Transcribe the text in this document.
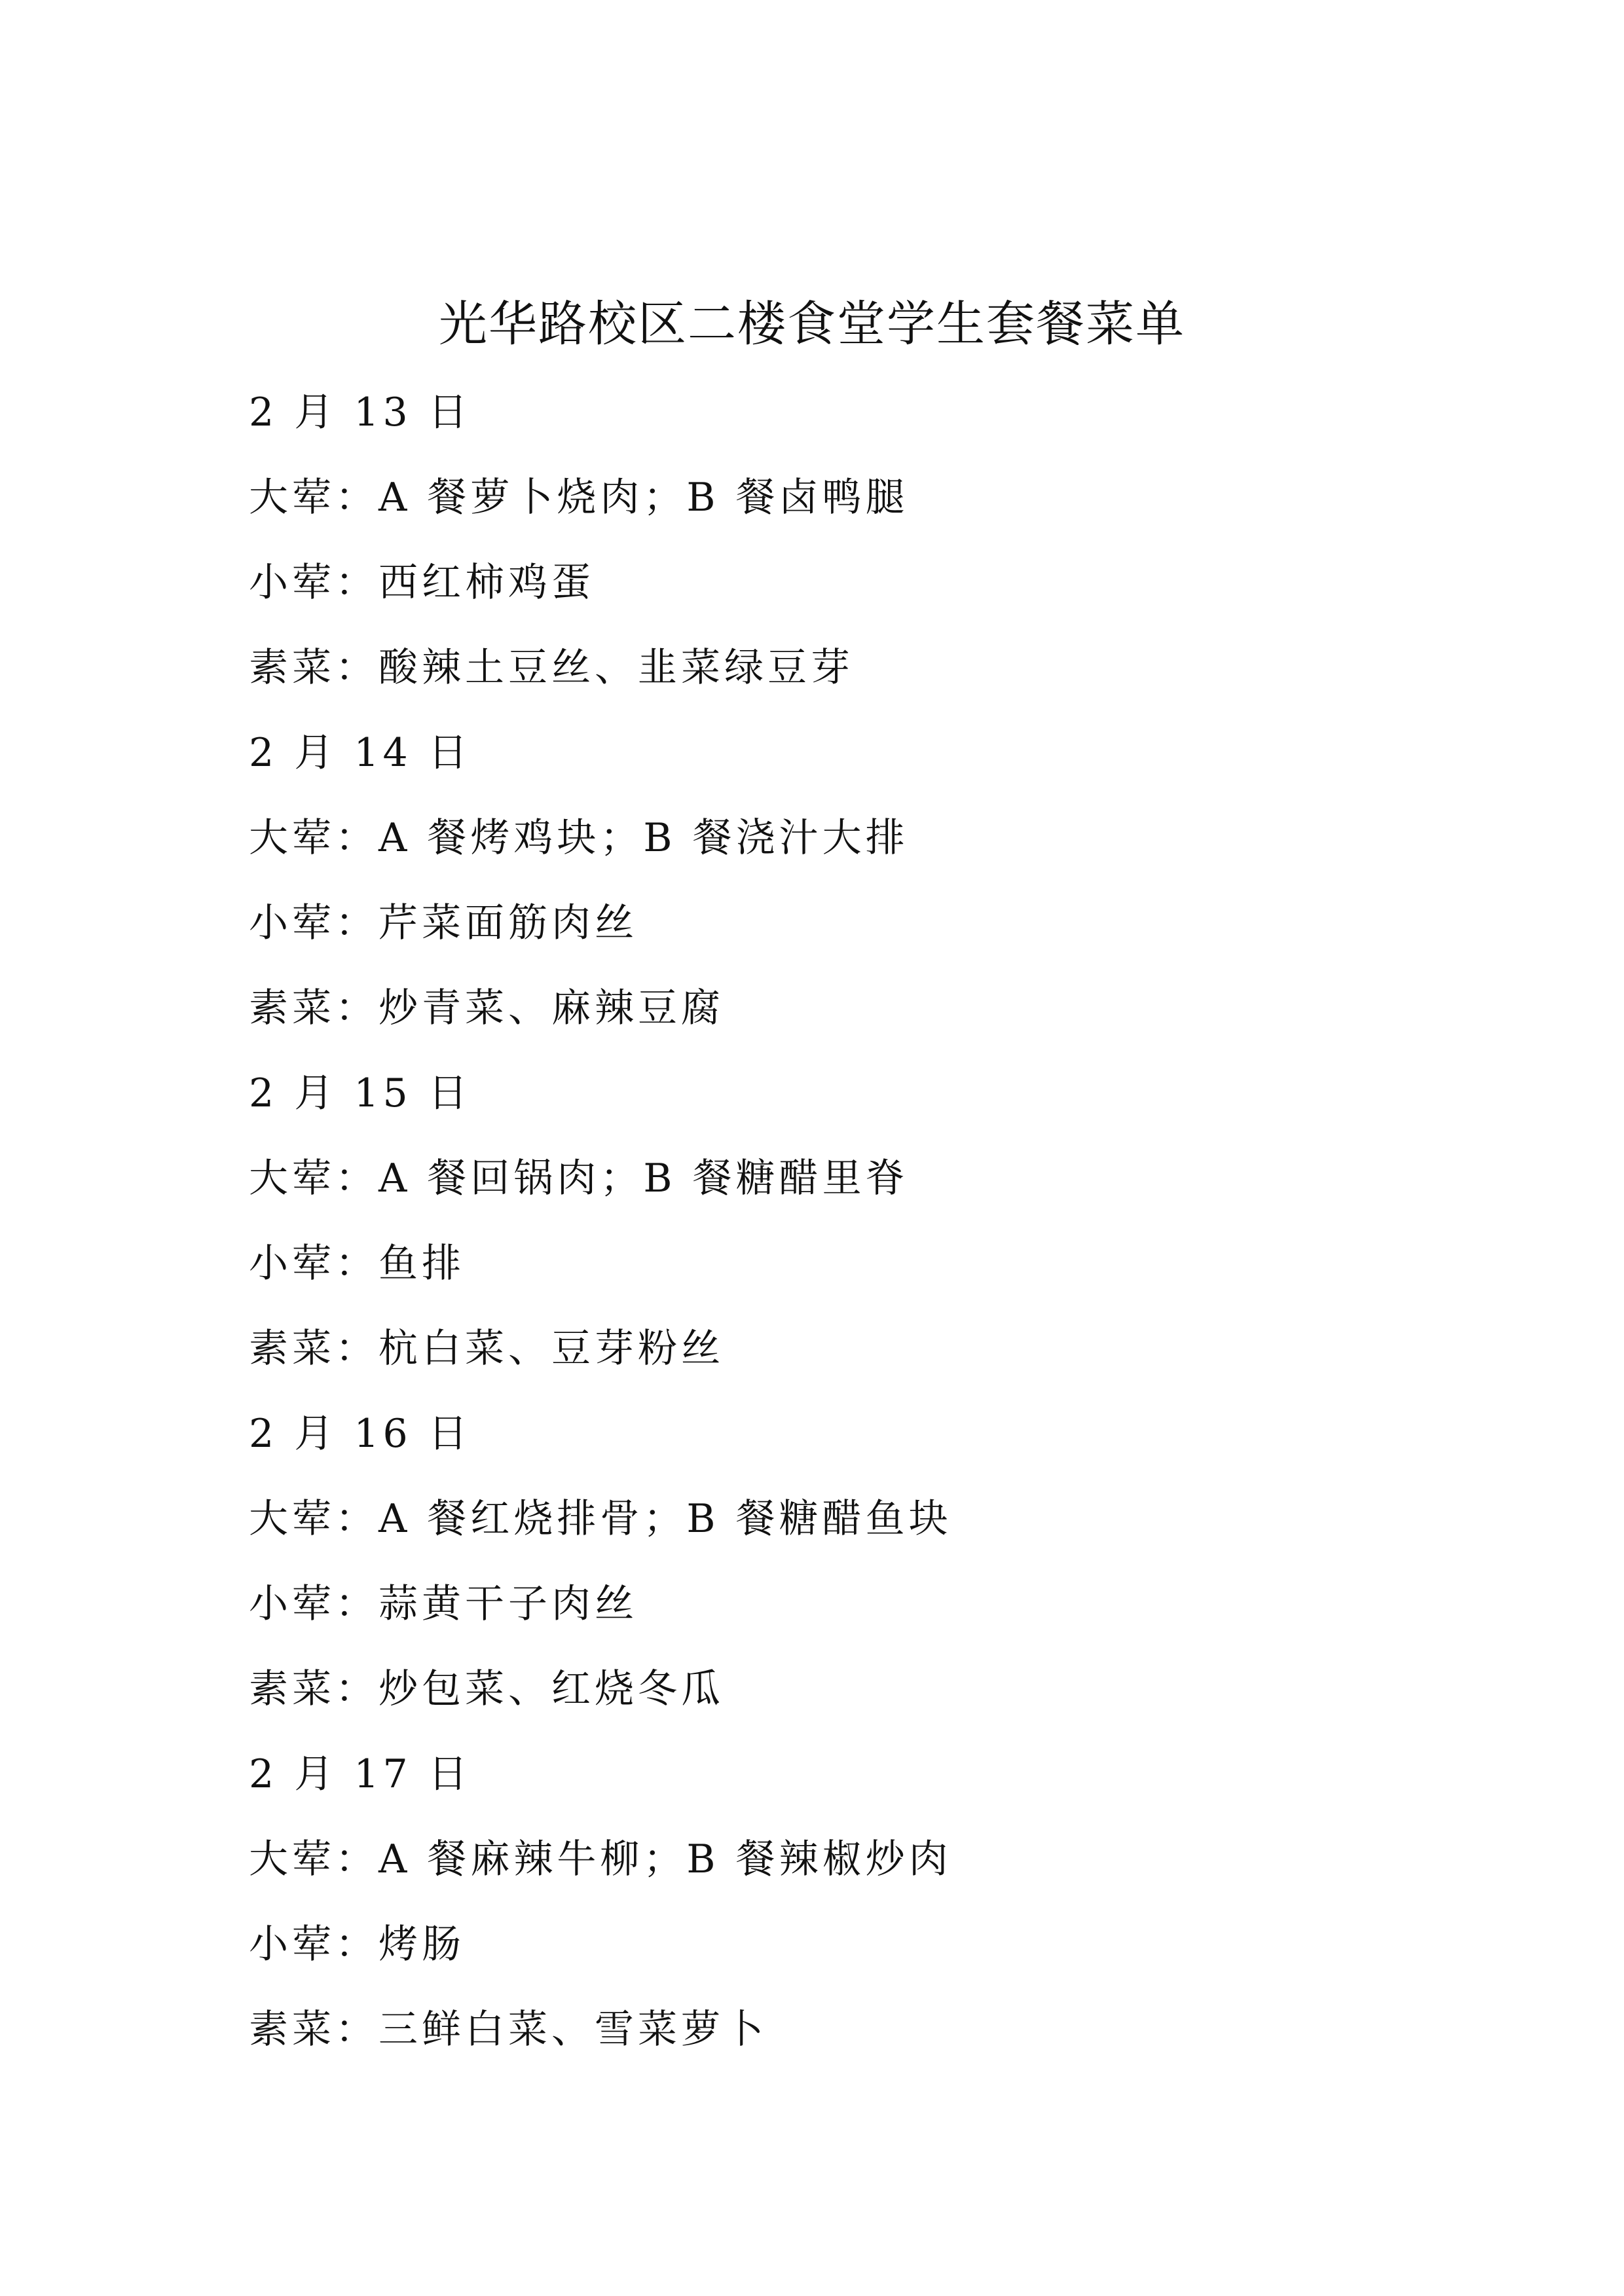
光华路校区二楼食堂学生套餐菜单
2 月 13 日
大荤：A 餐萝卜烧肉；B 餐卤鸭腿
小荤：西红柿鸡蛋
素菜：酸辣土豆丝、韭菜绿豆芽
2 月 14 日
大荤：A 餐烤鸡块；B 餐浇汁大排
小荤：芹菜面筋肉丝
素菜：炒青菜、麻辣豆腐
2 月 15 日
大荤：A 餐回锅肉；B 餐糖醋里脊
小荤：鱼排
素菜：杭白菜、豆芽粉丝
2 月 16 日
大荤：A 餐红烧排骨；B 餐糖醋鱼块
小荤：蒜黄干子肉丝
素菜：炒包菜、红烧冬瓜
2 月 17 日
大荤：A 餐麻辣牛柳；B 餐辣椒炒肉
小荤：烤肠
素菜：三鲜白菜、雪菜萝卜
